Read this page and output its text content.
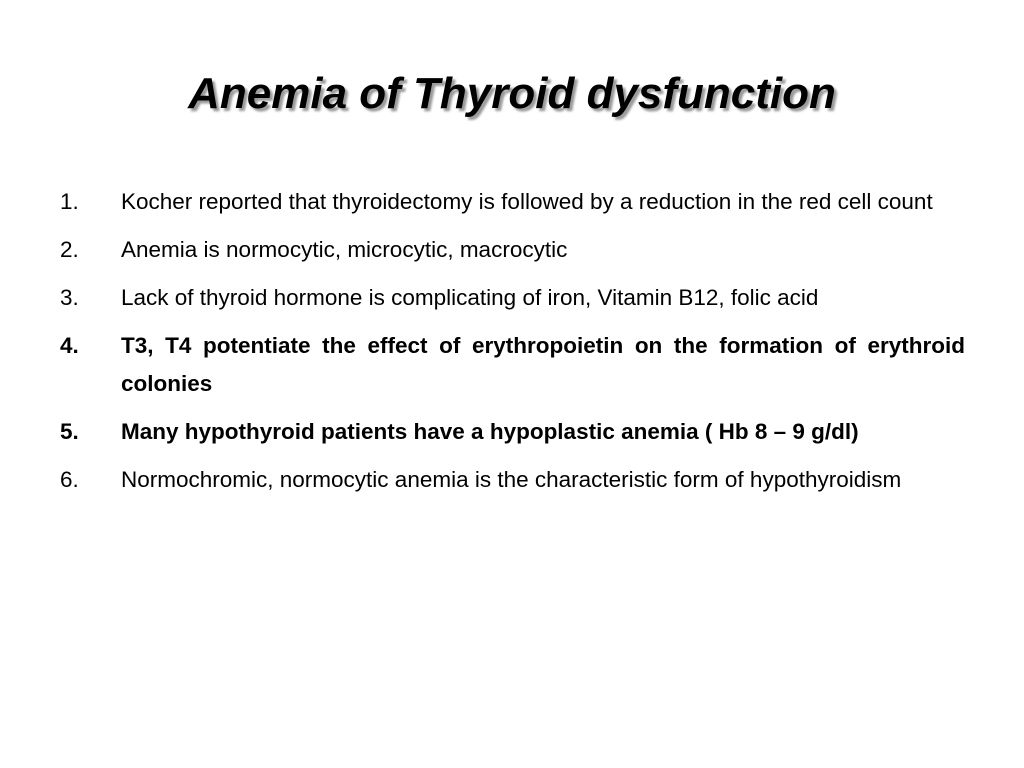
Anemia of Thyroid dysfunction
1.	Kocher reported that thyroidectomy is followed by a reduction in the red cell count
2.	Anemia is normocytic, microcytic, macrocytic
3.	Lack of thyroid hormone is complicating of iron, Vitamin B12, folic acid
4.	T3, T4 potentiate the effect of erythropoietin on the formation of erythroid colonies
5.	Many hypothyroid patients have a hypoplastic anemia ( Hb 8 – 9 g/dl)
6.	Normochromic, normocytic anemia is the characteristic form of hypothyroidism
